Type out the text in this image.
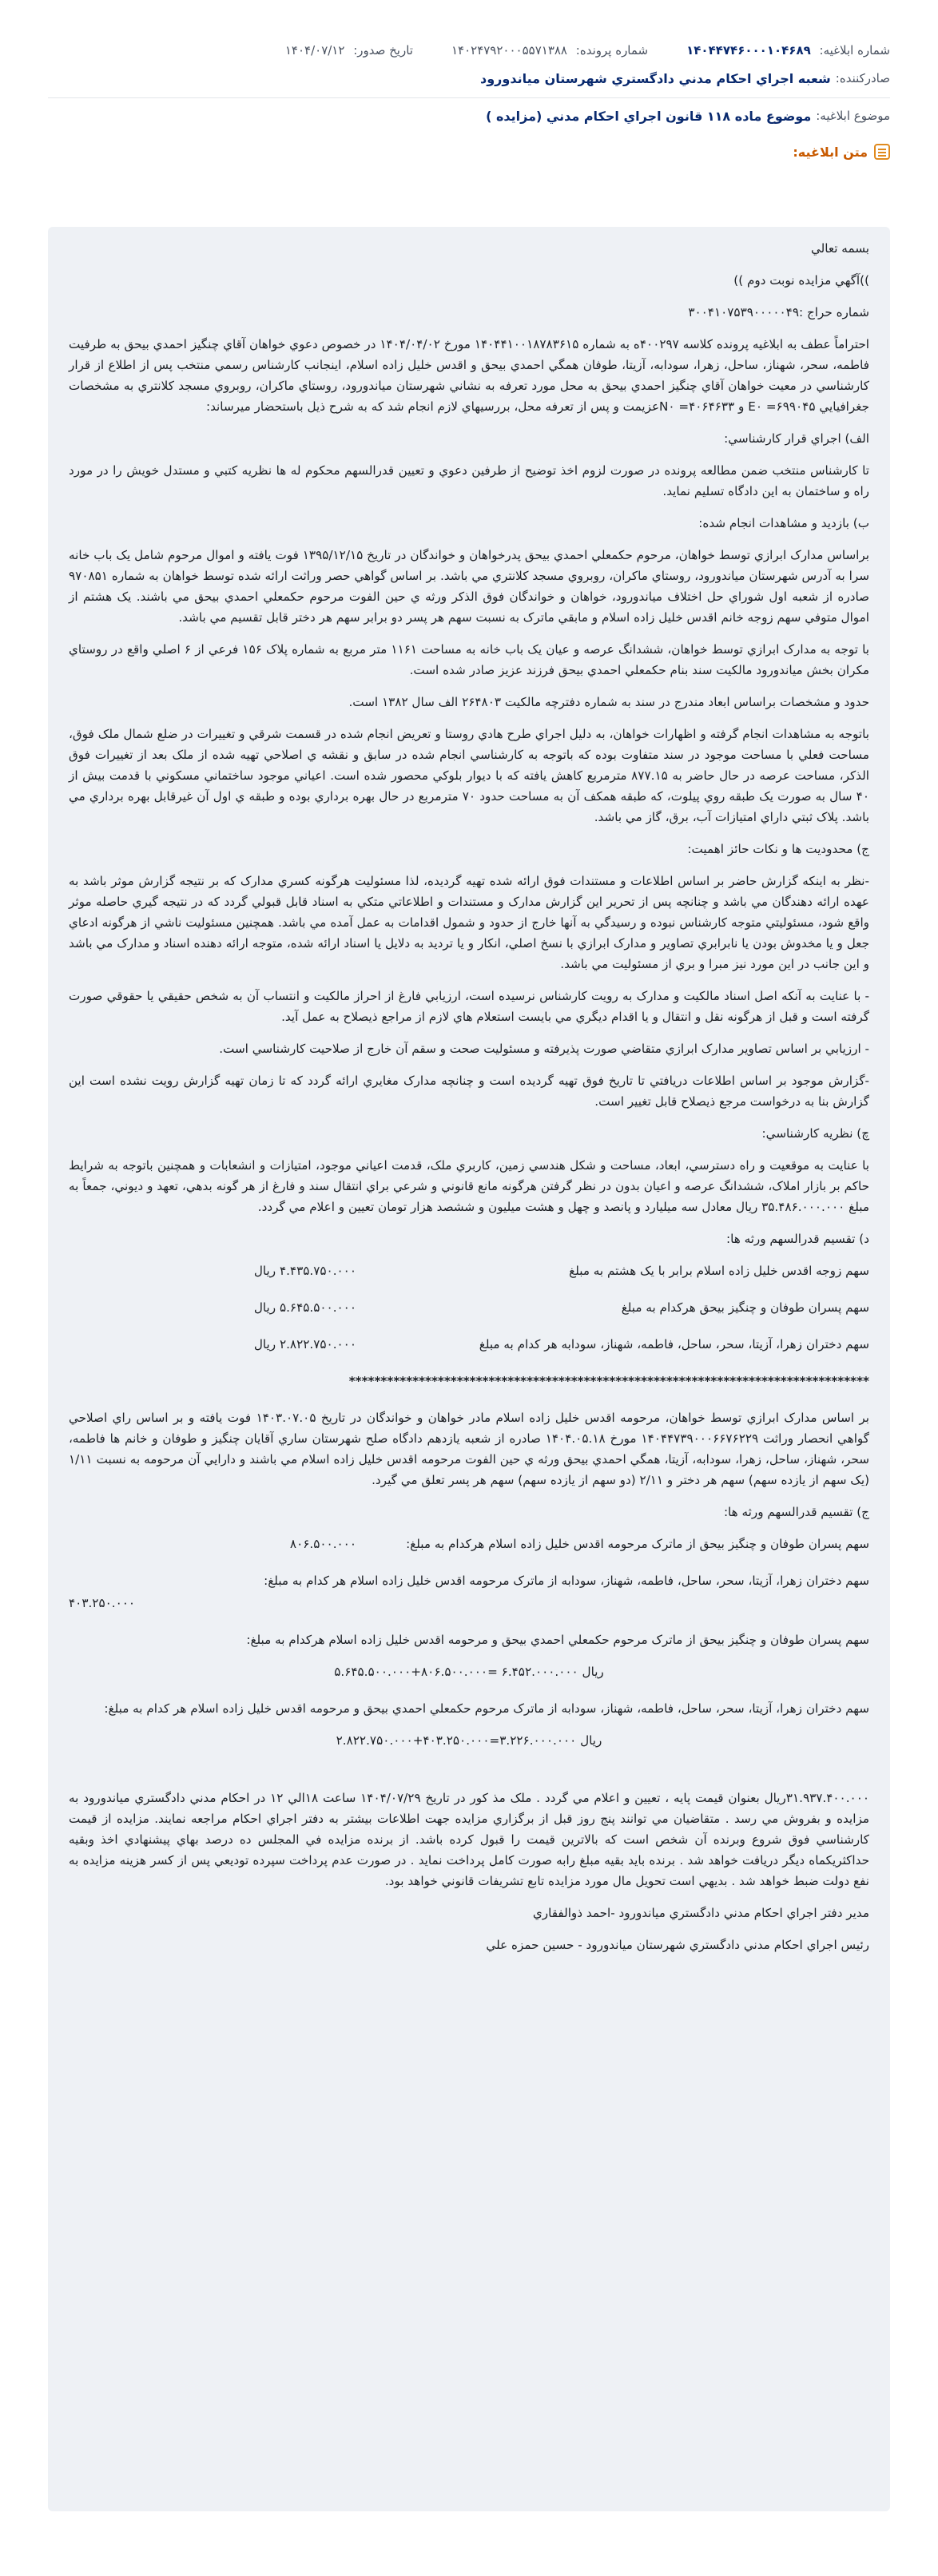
شماره ابلاغیه: ۱۴۰۴۴۷۴۶۰۰۰۱۰۴۶۸۹
شماره پرونده: ۱۴۰۲۴۷۹۲۰۰۰۵۵۷۱۳۸۸
تاریخ صدور: ۱۴۰۴/۰۷/۱۲
صادرکننده:
شعبه اجراي احکام مدني دادگستري شهرستان مياندورود
موضوع ابلاغیه:
موضوع ماده ۱۱۸ قانون اجراي احکام مدني (مزايده )
متن ابلاغیه:

بسمه تعالي

))آگهي مزايده نوبت دوم ))

شماره حراج :۳۰۰۴۱۰۷۵۳۹۰۰۰۰۰۴۹

احتراماً عطف به ابلاغيه پرونده کلاسه ۴۰۰۲۹۷ه به شماره ۱۴۰۴۴۱۰۰۱۸۷۸۳۶۱۵ مورخ ۱۴۰۴/۰۴/۰۲ در خصوص دعوي خواهان آقاي چنگيز احمدي بيحق به طرفيت فاطمه، سحر، شهناز، ساحل، زهرا، سودابه، آزيتا، طوفان همگي احمدي بيحق و اقدس خليل زاده اسلام، اينجانب کارشناس رسمي منتخب پس از اطلاع از قرار کارشناسي در معيت خواهان آقاي چنگيز احمدي بيحق به محل مورد تعرفه به نشاني شهرستان مياندورود، روستاي ماکران، روبروي مسجد کلانتري به مشخصات جغرافيايي E۰ =۶۹۹۰۴۵ و N۰ =۴۰۶۴۶۳۳عزيمت و پس از تعرفه محل، بررسيهاي لازم انجام شد که به شرح ذيل باستحضار ميرساند:

الف) اجراي قرار کارشناسي:

تا کارشناس منتخب ضمن مطالعه پرونده در صورت لزوم اخذ توضيح از طرفين دعوي و تعيين قدرالسهم محکوم له ها نظريه کتبي و مستدل خويش را در مورد راه و ساختمان به اين دادگاه تسليم نمايد.

ب) بازديد و مشاهدات انجام شده:

براساس مدارک ابرازي توسط خواهان، مرحوم حکمعلي احمدي بيحق پدرخواهان و خواندگان در تاريخ ۱۳۹۵/۱۲/۱۵ فوت يافته و اموال مرحوم شامل يک باب خانه سرا به آدرس شهرستان مياندورود، روستاي ماکران، روبروي مسجد کلانتري مي باشد. بر اساس گواهي حصر وراثت ارائه شده توسط خواهان به شماره ۹۷۰۸۵۱ صادره از شعبه اول شوراي حل اختلاف مياندورود، خواهان و خواندگان فوق الذکر ورثه ي حين الفوت مرحوم حکمعلي احمدي بيحق مي باشند. يک هشتم از اموال متوفي سهم زوجه خانم اقدس خليل زاده اسلام و مابقي ماترک به نسبت سهم هر پسر دو برابر سهم هر دختر قابل تقسيم مي باشد.

با توجه به مدارک ابرازي توسط خواهان، ششدانگ عرصه و عيان يک باب خانه به مساحت ۱۱۶۱ متر مربع به شماره پلاک ۱۵۶ فرعي از ۶ اصلي واقع در روستاي مکران بخش مياندورود مالکيت سند بنام حکمعلي احمدي بيحق فرزند عزيز صادر شده است.

حدود و مشخصات براساس ابعاد مندرج در سند به شماره دفترچه مالکيت ۲۶۴۸۰۳ الف سال ۱۳۸۲ است.

باتوجه به مشاهدات انجام گرفته و اظهارات خواهان، به دليل اجراي طرح هادي روستا و تعريض انجام شده در قسمت شرقي و تغييرات در ضلع شمال ملک فوق، مساحت فعلي با مساحت موجود در سند متفاوت بوده که باتوجه به کارشناسي انجام شده در سابق و نقشه ي اصلاحي تهيه شده از ملک بعد از تغييرات فوق الذکر، مساحت عرصه در حال حاضر به ۸۷۷.۱۵ مترمربع کاهش يافته که با ديوار بلوکي محصور شده است. اعياني موجود ساختماني مسکوني با قدمت بيش از ۴۰ سال به صورت يک طبقه روي پيلوت، که طبقه همکف آن به مساحت حدود ۷۰ مترمربع در حال بهره برداري بوده و طبقه ي اول آن غيرقابل بهره برداري مي باشد. پلاک ثبتي داراي امتيازات آب، برق، گاز مي باشد.

ج) محدوديت ها و نکات حائز اهميت:

-نظر به اينکه گزارش حاضر بر اساس اطلاعات و مستندات فوق ارائه شده تهيه گرديده، لذا مسئوليت هرگونه کسري مدارک که بر نتيجه گزارش موثر باشد به عهده ارائه دهندگان مي باشد و چنانچه پس از تحرير اين گزارش مدارک و مستندات و اطلاعاتي متکي به اسناد قابل قبولي گردد که در نتيجه گيري حاصله موثر واقع شود، مسئوليتي متوجه کارشناس نبوده و رسيدگي به آنها خارج از حدود و شمول اقدامات به عمل آمده مي باشد. همچنين مسئوليت ناشي از هرگونه ادعاي جعل و يا مخدوش بودن يا نابرابري تصاوير و مدارک ابرازي با نسخ اصلي، انکار و يا ترديد به دلايل يا اسناد ارائه شده، متوجه ارائه دهنده اسناد و مدارک مي باشد و اين جانب در اين مورد نيز مبرا و بري از مسئوليت مي باشد.

- با عنايت به آنکه اصل اسناد مالکيت و مدارک به رويت کارشناس نرسيده است، ارزيابي فارغ از احراز مالکيت و انتساب آن به شخص حقيقي يا حقوقي صورت گرفته است و قبل از هرگونه نقل و انتقال و يا اقدام ديگري مي بايست استعلام هاي لازم از مراجع ذيصلاح به عمل آيد.

- ارزيابي بر اساس تصاوير مدارک ابرازي متقاضي صورت پذيرفته و مسئوليت صحت و سقم آن خارج از صلاحيت کارشناسي است.

-گزارش موجود بر اساس اطلاعات دريافتي تا تاريخ فوق تهيه گرديده است و چنانچه مدارک مغايري ارائه گردد که تا زمان تهيه گزارش رويت نشده است اين گزارش بنا به درخواست مرجع ذيصلاح قابل تغيير است.

چ) نظريه کارشناسي:

با عنايت به موقعيت و راه دسترسي، ابعاد، مساحت و شکل هندسي زمين، کاربري ملک، قدمت اعياني موجود، امتيازات و انشعابات و همچنين باتوجه به شرايط حاکم بر بازار املاک، ششدانگ عرصه و اعيان بدون در نظر گرفتن هرگونه مانع قانوني و شرعي براي انتقال سند و فارغ از هر گونه بدهي، تعهد و ديوني، جمعاً به مبلغ ۳۵.۴۸۶.۰۰۰.۰۰۰ ريال معادل سه ميليارد و پانصد و چهل و هشت ميليون و ششصد هزار تومان تعيين و اعلام مي گردد.

د) تقسيم قدرالسهم ورثه ها:

سهم زوجه اقدس خليل زاده اسلام برابر با يک هشتم به مبلغ
۴.۴۳۵.۷۵۰.۰۰۰ ريال
سهم پسران طوفان و چنگيز بيحق هرکدام به مبلغ
۵.۶۴۵.۵۰۰.۰۰۰ ريال
سهم دختران زهرا، آزيتا، سحر، ساحل، فاطمه، شهناز، سودابه هر کدام به مبلغ
۲.۸۲۲.۷۵۰.۰۰۰ ريال
**********************************************************************************

بر اساس مدارک ابرازي توسط خواهان، مرحومه اقدس خليل زاده اسلام مادر خواهان و خواندگان در تاريخ ۱۴۰۳.۰۷.۰۵ فوت يافته و بر اساس راي اصلاحي گواهي انحصار وراثت ۱۴۰۴۴۷۳۹۰۰۰۶۶۷۶۲۲۹ مورخ ۱۴۰۴.۰۵.۱۸ صادره از شعبه يازدهم دادگاه صلح شهرستان ساري آقايان چنگيز و طوفان و خانم ها فاطمه، سحر، شهناز، ساحل، زهرا، سودابه، آزيتا، همگي احمدي بيحق ورثه ي حين الفوت مرحومه اقدس خليل زاده اسلام مي باشند و دارايي آن مرحومه به نسبت ۱/۱۱ (يک سهم از يازده سهم) سهم هر دختر و ۲/۱۱ (دو سهم از يازده سهم) سهم هر پسر تعلق مي گيرد.

ج) تقسيم قدرالسهم ورثه ها:

سهم پسران طوفان و چنگيز بيحق از ماترک مرحومه اقدس خليل زاده اسلام هرکدام به مبلغ:
۸۰۶.۵۰۰.۰۰۰

سهم دختران زهرا، آزيتا، سحر، ساحل، فاطمه، شهناز، سودابه از ماترک مرحومه اقدس خليل زاده اسلام هر کدام به مبلغ:

۴۰۳.۲۵۰.۰۰۰

سهم پسران طوفان و چنگيز بيحق از ماترک مرحوم حکمعلي احمدي بيحق و مرحومه اقدس خليل زاده اسلام هرکدام به مبلغ:

ريال ۶.۴۵۲.۰۰۰.۰۰۰ =۸۰۶.۵۰۰.۰۰۰+۵.۶۴۵.۵۰۰.۰۰۰

سهم دختران زهرا، آزيتا، سحر، ساحل، فاطمه، شهناز، سودابه از ماترک مرحوم حکمعلي احمدي بيحق و مرحومه اقدس خليل زاده اسلام هر کدام به مبلغ:

ريال ۳.۲۲۶.۰۰۰.۰۰۰=۴۰۳.۲۵۰.۰۰۰+۲.۸۲۲.۷۵۰.۰۰۰

۳۱.۹۳۷.۴۰۰.۰۰۰ريال بعنوان قيمت پايه ، تعيين و اعلام مي گردد . ملک مذ کور در تاريخ ۱۴۰۴/۰۷/۲۹ ساعت ۱۸الي ۱۲ در احکام مدني دادگستري مياندورود به مزايده و بفروش مي رسد . متقاضيان مي توانند پنج روز قبل از برگزاري مزايده جهت اطلاعات بيشتر به دفتر اجراي احکام مراجعه نمايند. مزايده از قيمت کارشناسي فوق شروع وبرنده آن شخص است که بالاترين قيمت را قبول کرده باشد. از برنده مزايده في المجلس ده درصد بهاي پيشنهادي اخذ وبقيه حداکثريکماه ديگر دريافت خواهد شد . برنده بايد بقيه مبلغ رابه صورت کامل پرداخت نمايد . در صورت عدم پرداخت سپرده توديعي پس از کسر هزينه مزايده به نفع دولت ضبط خواهد شد . بديهي است تحويل مال مورد مزايده تابع تشريفات قانوني خواهد بود.

مدير دفتر اجراي احکام مدني دادگستري مياندورود -احمد ذوالفقاري

رئيس اجراي احکام مدني دادگستري شهرستان مياندورود - حسين حمزه علي
